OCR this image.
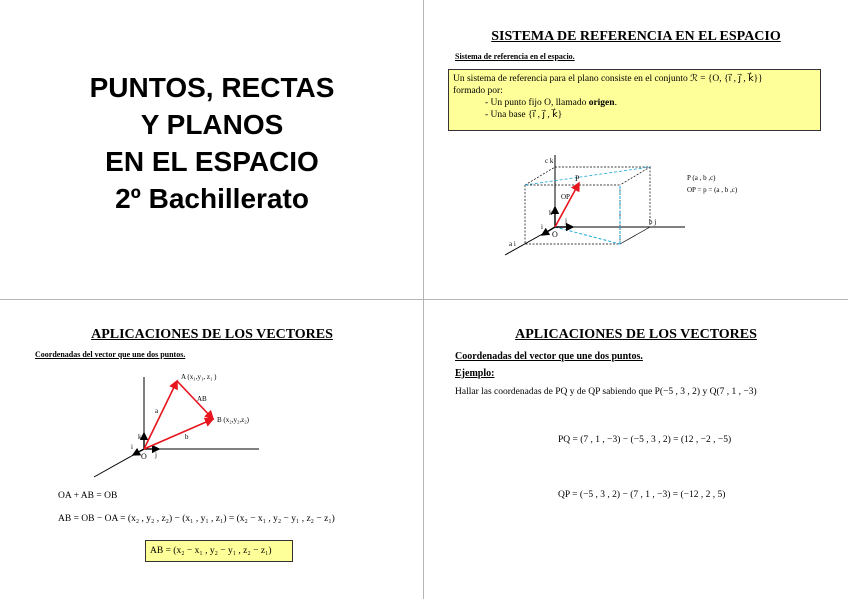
PUNTOS, RECTAS
Y PLANOS
EN EL ESPACIO
2º Bachillerato
SISTEMA DE REFERENCIA EN EL ESPACIO
Sistema de referencia en el espacio.
Un sistema de referencia para el plano consiste en el conjunto ℛ = {O, {i⃗ , j⃗ , k⃗}}
formado por:
- Un punto fijo O, llamado origen.
- Una base {i⃗ , j⃗ , k⃗}
c k
P
OP
k
j
i
O
b j
a i
P (a , b ,c)
OP = p = (a , b ,c)
APLICACIONES DE LOS VECTORES
Coordenadas del vector que une dos puntos.
A (x₁,y₁, z₁ )
B (x₂,y₂,z₂)
AB
a
b
k
i
O j
OA + AB = OB
AB = OB − OA = (x₂ , y₂ , z₂) − (x₁ , y₁ , z₁) = (x₂ − x₁ , y₂ − y₁ , z₂ − z₁)
AB = (x₂ − x₁ , y₂ − y₁ , z₂ − z₁)
APLICACIONES DE LOS VECTORES
Coordenadas del vector que une dos puntos.
Ejemplo:
Hallar las coordenadas de PQ y de QP sabiendo que P(−5 , 3 , 2) y Q(7 , 1 , −3)
PQ = (7 , 1 , −3) − (−5 , 3 , 2) = (12 , −2 , −5)
QP = (−5 , 3 , 2) − (7 , 1 , −3) = (−12 , 2 , 5)
